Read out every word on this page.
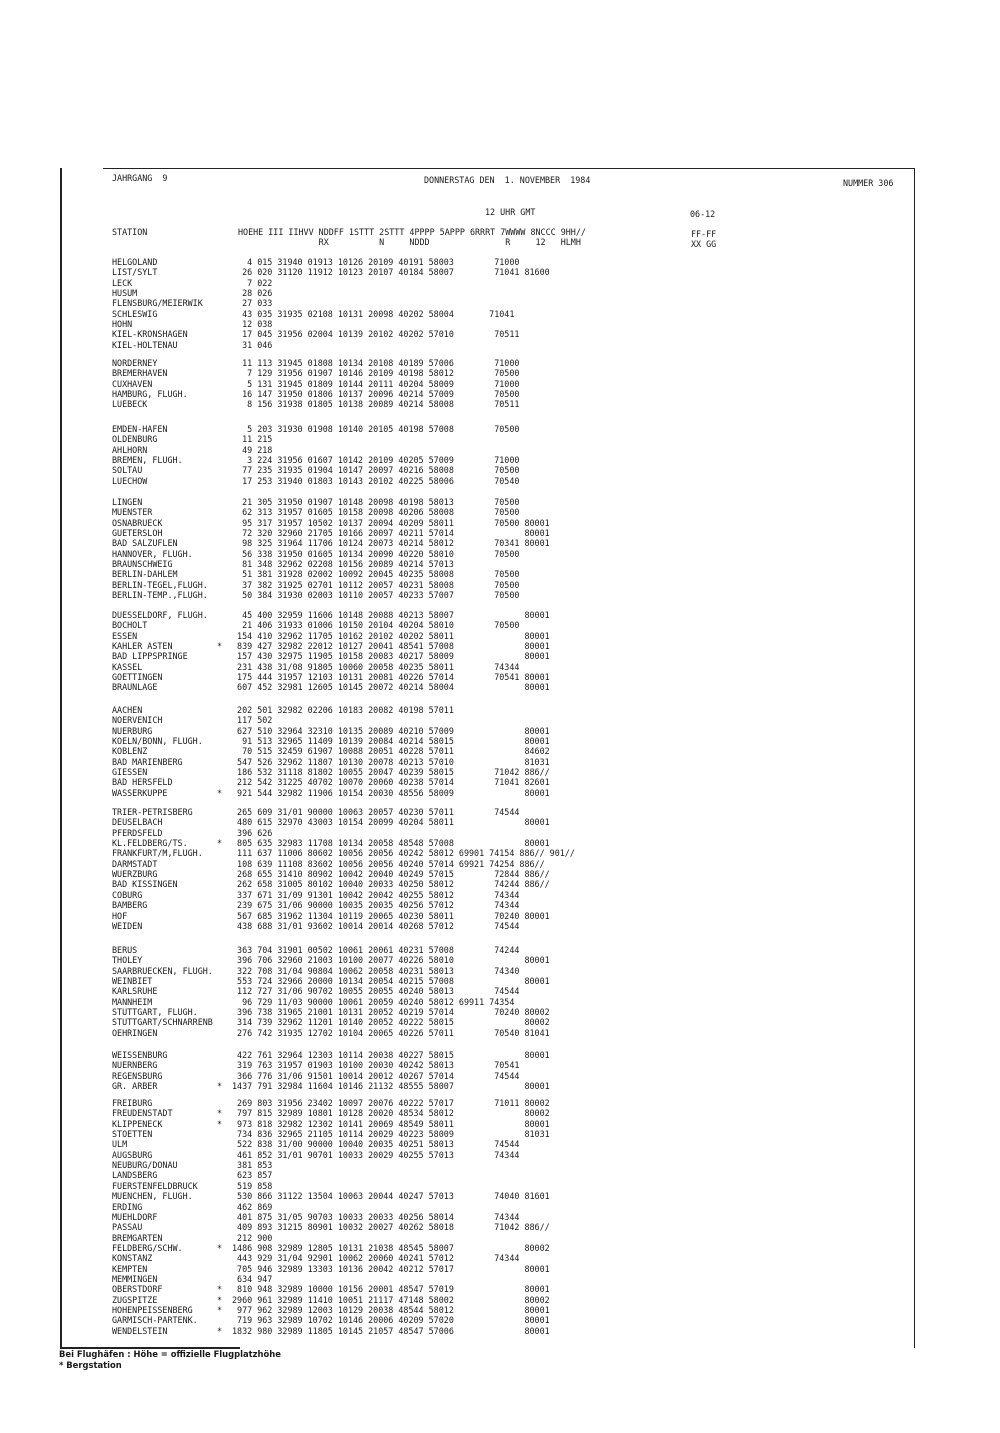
JAHRGANG  9	DONNERSTAG DEN  1. NOVEMBER  1984	NUMMER 306
12 UHR GMT	06-12
STATION	HOEHE III IIHVV NDDFF 1STTT 2STTT 4PPPP 5APPP 6RRRT 7WWWW 8NCCC 9HH//
RX          N     NDDD               R     12   HLMH
FF-FF
XX GG
HELGOLAND	4 015 31940 01913 10126 20109 40191 58003        71000
LIST/SYLT	26 020 31120 11912 10123 20107 40184 58007        71041 81600
LECK	7 022
HUSUM	28 026
FLENSBURG/MEIERWIK	27 033
SCHLESWIG	43 035 31935 02108 10131 20098 40202 58004       71041
HOHN	12 038
KIEL-KRONSHAGEN	17 045 31956 02004 10139 20102 40202 57010        70511
KIEL-HOLTENAU	31 046
NORDERNEY	11 113 31945 01808 10134 20108 40189 57006        71000
BREMERHAVEN	7 129 31956 01907 10146 20109 40198 58012        70500
CUXHAVEN	5 131 31945 01809 10144 20111 40204 58009        71000
HAMBURG, FLUGH.	16 147 31950 01806 10137 20096 40214 57009        70500
LUEBECK	8 156 31938 01805 10138 20089 40214 58008        70511
EMDEN-HAFEN	5 203 31930 01908 10140 20105 40198 57008        70500
OLDENBURG	11 215
AHLHORN	49 218
BREMEN, FLUGH.	3 224 31956 01607 10142 20109 40205 57009        71000
SOLTAU	77 235 31935 01904 10147 20097 40216 58008        70500
LUECHOW	17 253 31940 01803 10143 20102 40225 58006        70540
LINGEN	21 305 31950 01907 10148 20098 40198 58013        70500
MUENSTER	62 313 31957 01605 10158 20098 40206 58008        70500
OSNABRUECK	95 317 31957 10502 10137 20094 40209 58011        70500 80001
GUETERSLOH	72 320 32960 21705 10166 20097 40211 57014              80001
BAD SALZUFLEN	98 325 31964 11706 10124 20073 40214 58012        70341 80001
HANNOVER, FLUGH.	56 338 31950 01605 10134 20090 40220 58010        70500
BRAUNSCHWEIG	81 348 32962 02208 10156 20089 40214 57013
BERLIN-DAHLEM	51 381 31928 02002 10092 20045 40235 58008        70500
BERLIN-TEGEL,FLUGH.	37 382 31925 02701 10112 20057 40231 58008        70500
BERLIN-TEMP.,FLUGH.	50 384 31930 02003 10110 20057 40233 57007        70500
DUESSELDORF, FLUGH.	45 400 32959 11606 10148 20088 40213 58007              80001
BOCHOLT	21 406 31933 01006 10150 20104 40204 58010        70500
ESSEN	154 410 32962 11705 10162 20102 40202 58011              80001
KAHLER ASTEN	* 839 427 32982 22012 10127 20041 48541 57008              80001
BAD LIPPSPRINGE	157 430 32975 11905 10158 20083 40217 58009              80001
KASSEL	231 438 31/08 91805 10060 20058 40235 58011        74344
GOETTINGEN	175 444 31957 12103 10131 20081 40226 57014        70541 80001
BRAUNLAGE	607 452 32981 12605 10145 20072 40214 58004              80001
AACHEN	202 501 32982 02206 10183 20082 40198 57011
NOERVENICH	117 502
NUERBURG	627 510 32964 32310 10135 20089 40210 57009              80001
KOELN/BONN, FLUGH.	91 513 32965 11409 10139 20084 40214 58015              80001
KOBLENZ	70 515 32459 61907 10088 20051 40228 57011              84602
BAD MARIENBERG	547 526 32962 11807 10130 20078 40213 57010              81031
GIESSEN	186 532 31118 81802 10055 20047 40239 58015        71042 886//
BAD HERSFELD	212 542 31225 40702 10070 20060 40238 57014        71041 82601
WASSERKUPPE	* 921 544 32982 11906 10154 20030 48556 58009              80001
TRIER-PETRISBERG	265 609 31/01 90000 10063 20057 40230 57011        74544
DEUSELBACH	480 615 32970 43003 10154 20099 40204 58011              80001
PFERDSFELD	396 626
KL.FELDBERG/TS.	* 805 635 32983 11708 10134 20058 48548 57008              80001
FRANKFURT/M,FLUGH.	111 637 11006 80602 10056 20056 40242 58012 69901 74154 886// 901//
DARMSTADT	108 639 11108 83602 10056 20056 40240 57014 69921 74254 886//
WUERZBURG	268 655 31410 80902 10042 20040 40249 57015        72844 886//
BAD KISSINGEN	262 658 31005 80102 10040 20033 40250 58012        74244 886//
COBURG	337 671 31/09 91301 10042 20042 40255 58012        74344
BAMBERG	239 675 31/06 90000 10035 20035 40256 57012        74344
HOF	567 685 31962 11304 10119 20065 40230 58011        70240 80001
WEIDEN	438 688 31/01 93602 10014 20014 40268 57012        74544
BERUS	363 704 31901 00502 10061 20061 40231 57008        74244
THOLEY	396 706 32960 21003 10100 20077 40226 58010              80001
SAARBRUECKEN, FLUGH. 322 708 31/04 90804 10062 20058 40231 58013        74340
WEINBIET	553 724 32966 20000 10134 20054 40215 57008              80001
KARLSRUHE	112 727 31/06 90702 10055 20055 40240 58013        74544
MANNHEIM	96 729 11/03 90000 10061 20059 40240 58012 69911 74354
STUTTGART, FLUGH.	396 738 31965 21001 10131 20052 40219 57014        70240 80002
STUTTGART/SCHNARRENB 314 739 32962 11201 10140 20052 40222 58015              80002
OEHRINGEN	276 742 31935 12702 10104 20065 40226 57011        70540 81041
WEISSENBURG	422 761 32964 12303 10114 20038 40227 58015              80001
NUERNBERG	319 763 31957 01903 10100 20030 40242 58013        70541
REGENSBURG	366 776 31/06 91501 10014 20012 40267 57014        74544
GR. ARBER	* 1437 791 32984 11604 10146 21132 48555 58007              80001
FREIBURG	269 803 31956 23402 10097 20076 40222 57017        71011 80002
FREUDENSTADT	* 797 815 32989 10801 10128 20020 48534 58012              80002
KLIPPENECK	* 973 818 32982 12302 10141 20069 48549 58011              80001
STOETTEN	734 836 32965 21105 10114 20029 40223 58009              81031
ULM	522 838 31/00 90000 10040 20035 40251 58013        74544
AUGSBURG	461 852 31/01 90701 10033 20029 40255 57013        74344
NEUBURG/DONAU	381 853
LANDSBERG	623 857
FUERSTENFELDBRUCK	519 858
MUENCHEN, FLUGH.	530 866 31122 13504 10063 20044 40247 57013        74040 81601
ERDING	462 869
MUEHLDORF	401 875 31/05 90703 10033 20033 40256 58014        74344
PASSAU	409 893 31215 80901 10032 20027 40262 58018        71042 886//
BREMGARTEN	212 900
FELDBERG/SCHW.	* 1486 908 32989 12805 10131 21038 48545 58007              80002
KONSTANZ	443 929 31/04 92901 10062 20060 40241 57012        74344
KEMPTEN	705 946 32989 13303 10136 20042 40212 57017              80001
MEMMINGEN	634 947
OBERSTDORF	* 810 948 32989 10000 10156 20001 48547 57019              80001
ZUGSPITZE	* 2960 961 32989 11410 10051 21117 47148 58002              80002
HOHENPEISSENBERG	* 977 962 32989 12003 10129 20038 48544 58012              80001
GARMISCH-PARTENK.	719 963 32989 10702 10146 20006 40209 57020              80001
WENDELSTEIN	* 1832 980 32989 11805 10145 21057 48547 57006              80001
Bei Flughäfen : Höhe = offizielle Flugplatzhöhe
* Bergstation
